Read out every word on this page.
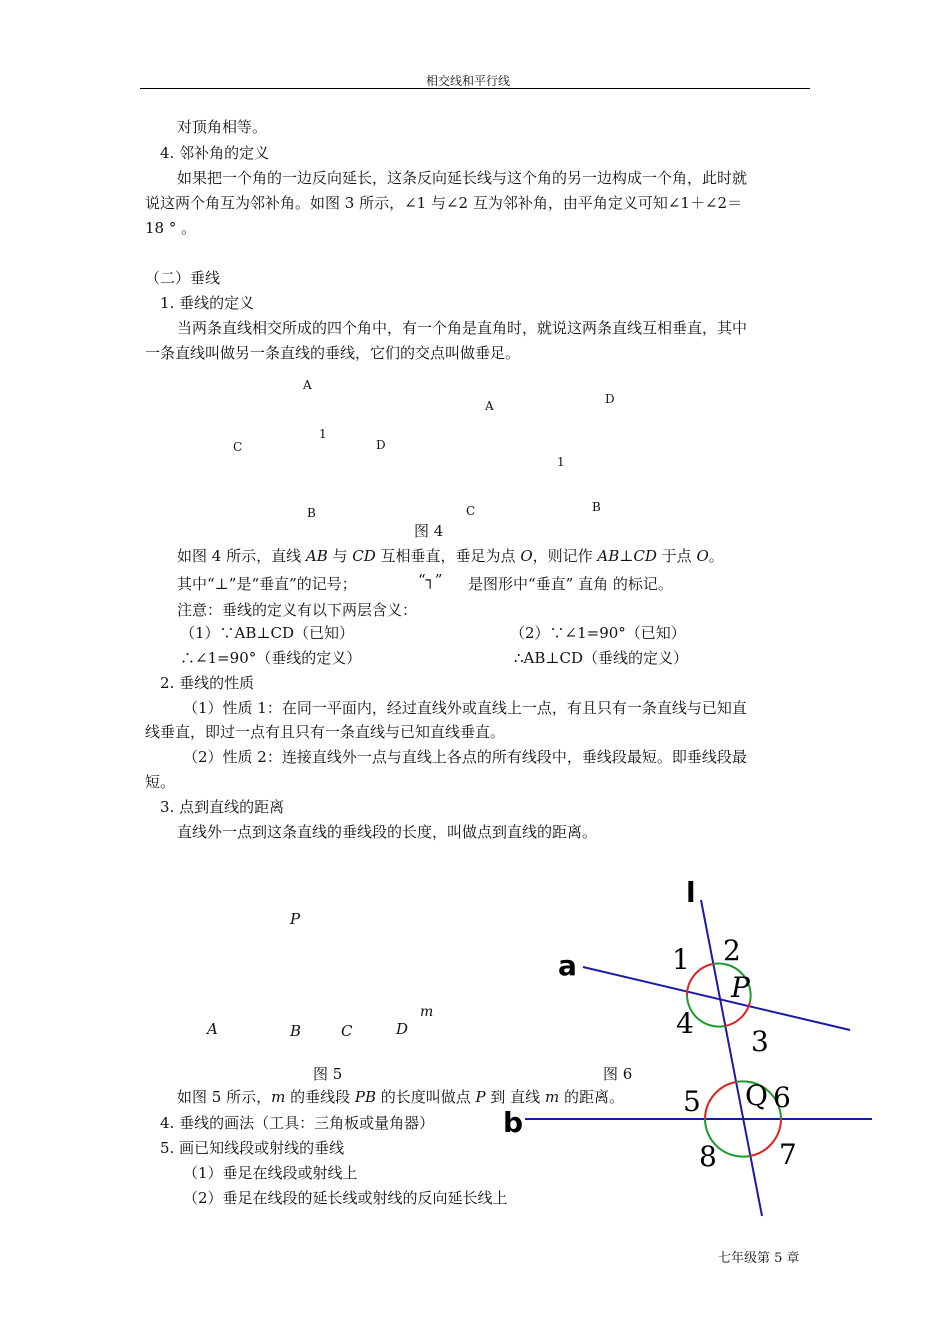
相交线和平行线
对顶角相等。
4. 邻补角的定义
如果把一个角的一边反向延长，这条反向延长线与这个角的另一边构成一个角，此时就
说这两个角互为邻补角。如图 3 所示，∠1 与∠2 互为邻补角，由平角定义可知∠1＋∠2＝
18 ° 。
（二）垂线
1. 垂线的定义
当两条直线相交所成的四个角中，有一个角是直角时，就说这两条直线互相垂直，其中
一条直线叫做另一条直线的垂线，它们的交点叫做垂足。
A
1
C	D
B
A	D
1
C	B
图 4
如图 4 所示，直线 AB 与 CD 互相垂直，垂足为点 O，则记作 AB⊥CD 于点 O。
其中“⊥”是“垂直”的记号；	“┐” 是图形中“垂直” 直角 的标记。
注意：垂线的定义有以下两层含义：
（1）∵AB⊥CD（已知）	（2）∵∠1=90°（已知）
∴∠1=90°（垂线的定义）	∴AB⊥CD（垂线的定义）
2. 垂线的性质
（1）性质 1：在同一平面内，经过直线外或直线上一点，有且只有一条直线与已知直
线垂直，即过一点有且只有一条直线与已知直线垂直。
（2）性质 2：连接直线外一点与直线上各点的所有线段中，垂线段最短。即垂线段最
短。
3. 点到直线的距离
直线外一点到这条直线的垂线段的长度，叫做点到直线的距离。
P
m
A	B	C	D
图 5	图 6
如图 5 所示，m 的垂线段 PB 的长度叫做点 P 到 直线 m 的距离。
4. 垂线的画法（工具：三角板或量角器）
5. 画已知线段或射线的垂线
（1）垂足在线段或射线上
（2）垂足在线段的延长线或射线的反向延长线上
l
a
b
P
Q
1 2
3
4
5	6
7
8
七年级第 5 章
